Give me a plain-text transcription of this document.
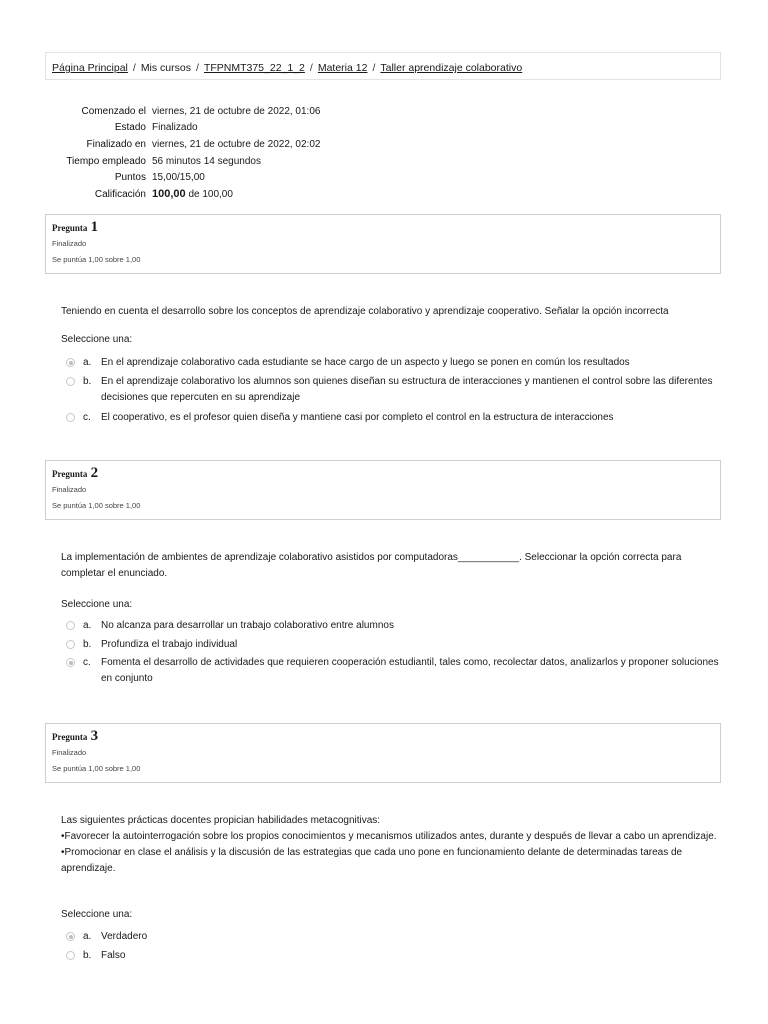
Página Principal / Mis cursos / TFPNMT375_22_1_2 / Materia 12 / Taller aprendizaje colaborativo
Comenzado el viernes, 21 de octubre de 2022, 01:06
Estado Finalizado
Finalizado en viernes, 21 de octubre de 2022, 02:02
Tiempo empleado 56 minutos 14 segundos
Puntos 15,00/15,00
Calificación 100,00 de 100,00
Pregunta 1
Finalizado
Se puntúa 1,00 sobre 1,00
Teniendo en cuenta el desarrollo sobre los conceptos de aprendizaje colaborativo y aprendizaje cooperativo. Señalar la opción incorrecta
Seleccione una:
a. En el aprendizaje colaborativo cada estudiante se hace cargo de un aspecto y luego se ponen en común los resultados
b. En el aprendizaje colaborativo los alumnos son quienes diseñan su estructura de interacciones y mantienen el control sobre las diferentes decisiones que repercuten en su aprendizaje
c.	El cooperativo, es el profesor quien diseña y mantiene casi por completo el control en la estructura de interacciones
Pregunta 2
Finalizado
Se puntúa 1,00 sobre 1,00
La implementación de ambientes de aprendizaje colaborativo asistidos por computadoras___________. Seleccionar la opción correcta para completar el enunciado.
Seleccione una:
a. No alcanza para desarrollar un trabajo colaborativo entre alumnos
b. Profundiza el trabajo individual
c.	Fomenta el desarrollo de actividades que requieren cooperación estudiantil, tales como, recolectar datos, analizarlos y proponer soluciones en conjunto
Pregunta 3
Finalizado
Se puntúa 1,00 sobre 1,00
Las siguientes prácticas docentes propician habilidades metacognitivas:
•Favorecer la autointerrogación sobre los propios conocimientos y mecanismos utilizados antes, durante y después de llevar a cabo un aprendizaje.
•Promocionar en clase el análisis y la discusión de las estrategias que cada uno pone en funcionamiento delante de determinadas tareas de aprendizaje.
Seleccione una:
a. Verdadero
b. Falso
